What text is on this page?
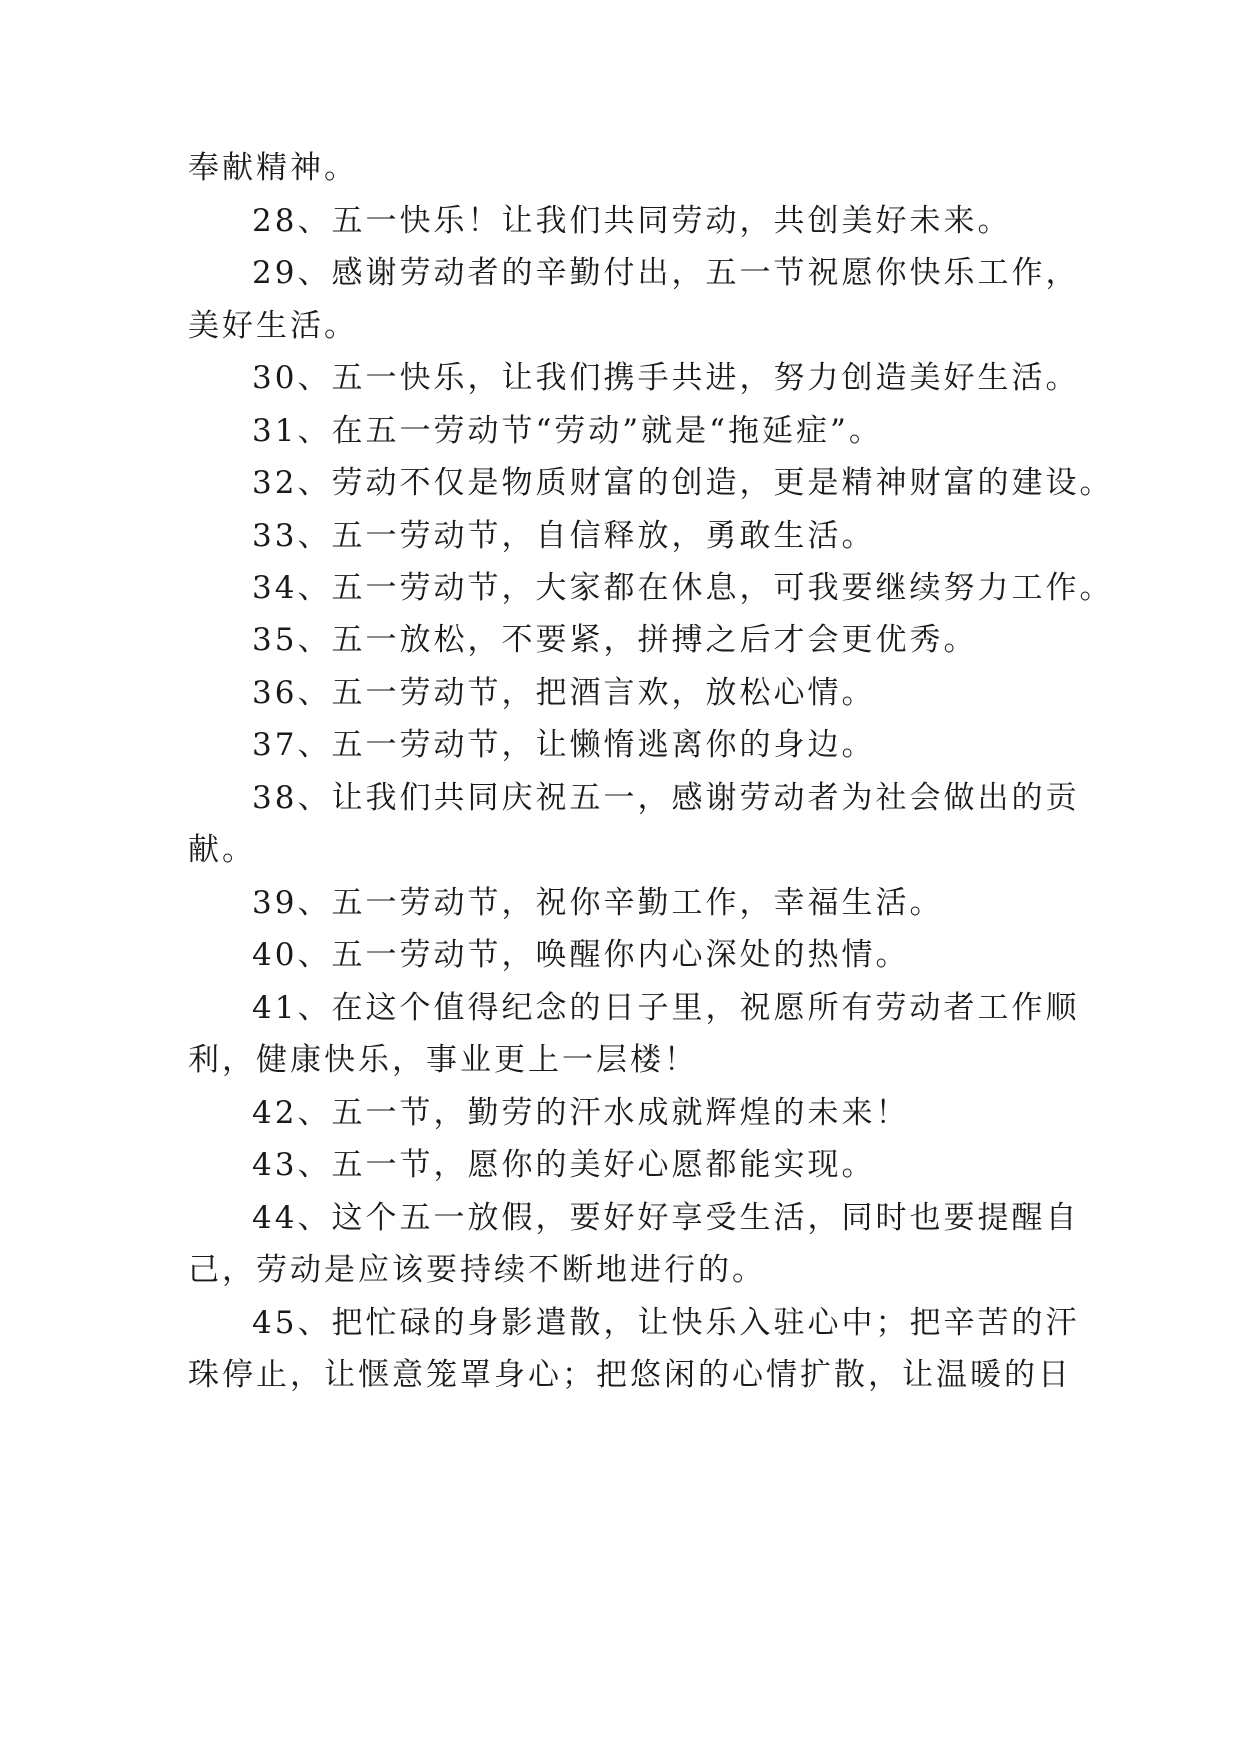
奉献精神。
28、五一快乐！让我们共同劳动，共创美好未来。
29、感谢劳动者的辛勤付出，五一节祝愿你快乐工作，
美好生活。
30、五一快乐，让我们携手共进，努力创造美好生活。
31、在五一劳动节“劳动”就是“拖延症”。
32、劳动不仅是物质财富的创造，更是精神财富的建设。
33、五一劳动节，自信释放，勇敢生活。
34、五一劳动节，大家都在休息，可我要继续努力工作。
35、五一放松，不要紧，拼搏之后才会更优秀。
36、五一劳动节，把酒言欢，放松心情。
37、五一劳动节，让懒惰逃离你的身边。
38、让我们共同庆祝五一，感谢劳动者为社会做出的贡
献。
39、五一劳动节，祝你辛勤工作，幸福生活。
40、五一劳动节，唤醒你内心深处的热情。
41、在这个值得纪念的日子里，祝愿所有劳动者工作顺
利，健康快乐，事业更上一层楼！
42、五一节，勤劳的汗水成就辉煌的未来！
43、五一节，愿你的美好心愿都能实现。
44、这个五一放假，要好好享受生活，同时也要提醒自
己，劳动是应该要持续不断地进行的。
45、把忙碌的身影遣散，让快乐入驻心中；把辛苦的汗
珠停止，让惬意笼罩身心；把悠闲的心情扩散，让温暖的日
